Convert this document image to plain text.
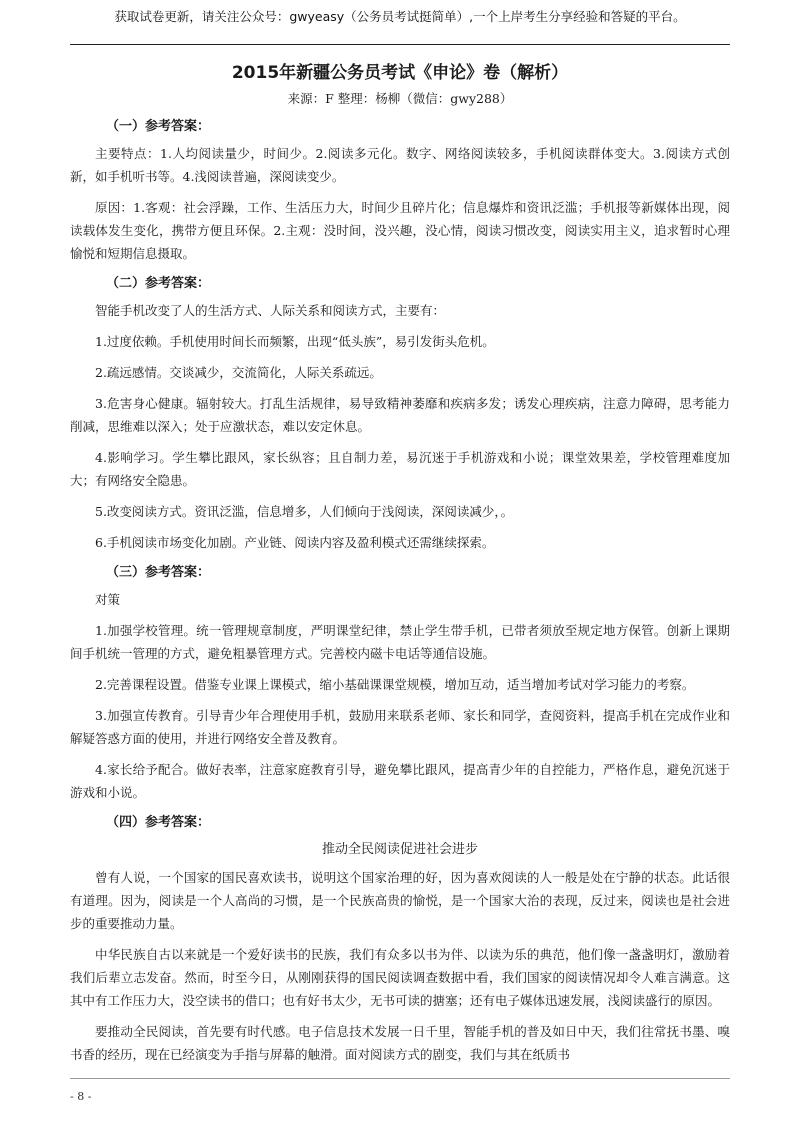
获取试卷更新，请关注公众号：gwyeasy（公务员考试挺简单）,一个上岸考生分享经验和答疑的平台。
2015年新疆公务员考试《申论》卷（解析）

来源：F 整理：杨柳（微信：gwy288）

（一）参考答案：

主要特点：1.人均阅读量少，时间少。2.阅读多元化。数字、网络阅读较多，手机阅读群体变大。3.阅读方式创新，如手机听书等。4.浅阅读普遍，深阅读变少。

原因：1.客观：社会浮躁，工作、生活压力大，时间少且碎片化；信息爆炸和资讯泛滥；手机报等新媒体出现，阅读载体发生变化，携带方便且环保。2.主观：没时间，没兴趣，没心情，阅读习惯改变，阅读实用主义，追求暂时心理愉悦和短期信息摄取。

（二）参考答案：

智能手机改变了人的生活方式、人际关系和阅读方式，主要有：

1.过度依赖。手机使用时间长而频繁，出现“低头族”，易引发街头危机。

2.疏远感情。交谈减少，交流简化，人际关系疏远。

3.危害身心健康。辐射较大。打乱生活规律，易导致精神萎靡和疾病多发；诱发心理疾病，注意力障碍，思考能力削减，思维难以深入；处于应激状态，难以安定休息。

4.影响学习。学生攀比跟风，家长纵容；且自制力差，易沉迷于手机游戏和小说；课堂效果差，学校管理难度加大；有网络安全隐患。

5.改变阅读方式。资讯泛滥，信息增多，人们倾向于浅阅读，深阅读减少，。

6.手机阅读市场变化加剧。产业链、阅读内容及盈利模式还需继续探索。

（三）参考答案：

对策

1.加强学校管理。统一管理规章制度，严明课堂纪律，禁止学生带手机，已带者须放至规定地方保管。创新上课期间手机统一管理的方式，避免粗暴管理方式。完善校内磁卡电话等通信设施。

2.完善课程设置。借鉴专业课上课模式，缩小基础课课堂规模，增加互动，适当增加考试对学习能力的考察。

3.加强宣传教育。引导青少年合理使用手机，鼓励用来联系老师、家长和同学，查阅资料，提高手机在完成作业和解疑答惑方面的使用，并进行网络安全普及教育。

4.家长给予配合。做好表率，注意家庭教育引导，避免攀比跟风，提高青少年的自控能力，严格作息，避免沉迷于游戏和小说。

（四）参考答案：

推动全民阅读促进社会进步

曾有人说，一个国家的国民喜欢读书，说明这个国家治理的好，因为喜欢阅读的人一般是处在宁静的状态。此话很有道理。因为，阅读是一个人高尚的习惯，是一个民族高贵的愉悦，是一个国家大治的表现，反过来，阅读也是社会进步的重要推动力量。

中华民族自古以来就是一个爱好读书的民族，我们有众多以书为伴、以读为乐的典范，他们像一盏盏明灯，激励着我们后辈立志发奋。然而，时至今日，从刚刚获得的国民阅读调查数据中看，我们国家的阅读情况却令人难言满意。这其中有工作压力大，没空读书的借口；也有好书太少，无书可读的搪塞；还有电子媒体迅速发展，浅阅读盛行的原因。

要推动全民阅读，首先要有时代感。电子信息技术发展一日千里，智能手机的普及如日中天，我们往常抚书墨、嗅书香的经历，现在已经演变为手指与屏幕的触滑。面对阅读方式的剧变，我们与其在纸质书

- 8 -
